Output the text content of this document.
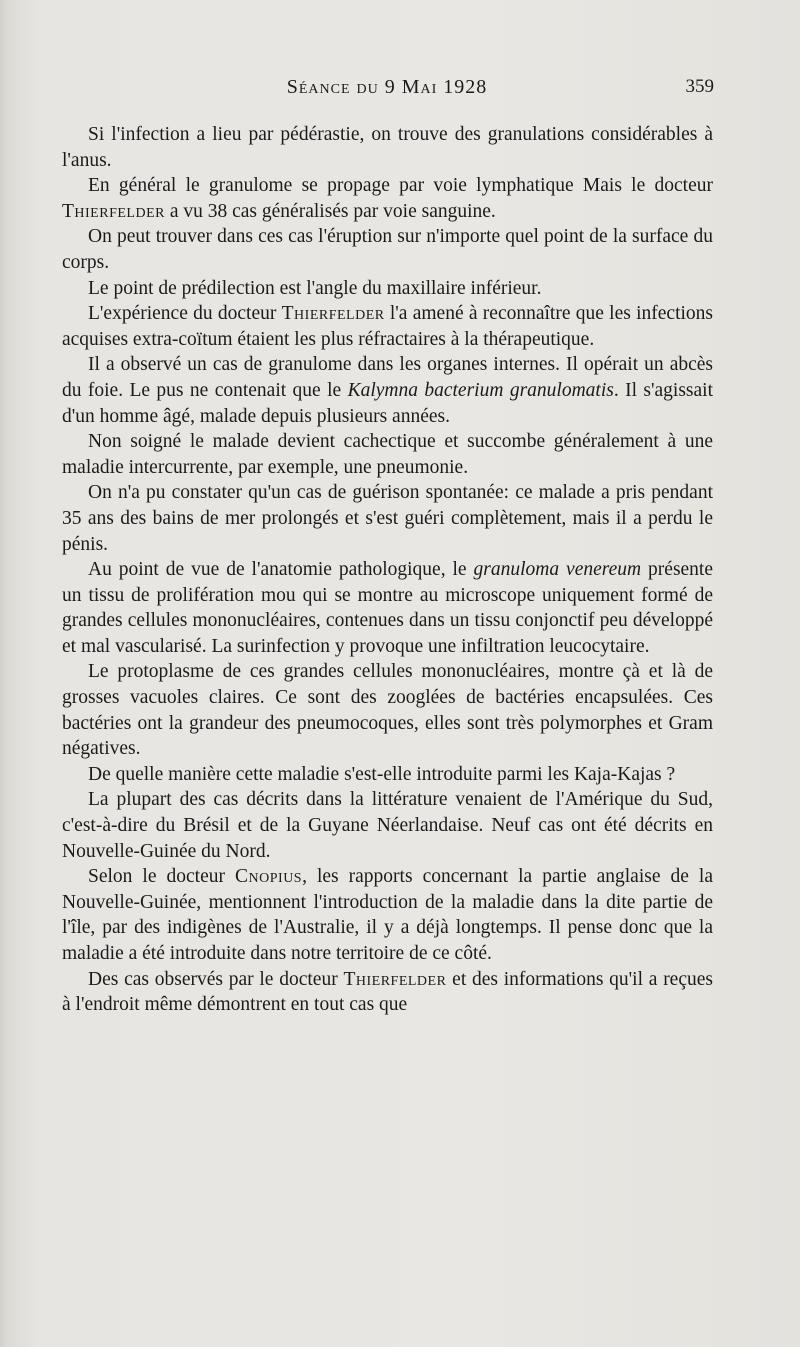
Séance du 9 Mai 1928	359

Si l'infection a lieu par pédérastie, on trouve des granulations considérables à l'anus.

En général le granulome se propage par voie lymphatique Mais le docteur Thierfelder a vu 38 cas généralisés par voie sanguine.

On peut trouver dans ces cas l'éruption sur n'importe quel point de la surface du corps.

Le point de prédilection est l'angle du maxillaire inférieur.

L'expérience du docteur Thierfelder l'a amené à reconnaître que les infections acquises extra-coïtum étaient les plus réfractaires à la thérapeutique.

Il a observé un cas de granulome dans les organes internes. Il opérait un abcès du foie. Le pus ne contenait que le Kalymna bacterium granulomatis. Il s'agissait d'un homme âgé, malade depuis plusieurs années.

Non soigné le malade devient cachectique et succombe généralement à une maladie intercurrente, par exemple, une pneumonie.

On n'a pu constater qu'un cas de guérison spontanée: ce malade a pris pendant 35 ans des bains de mer prolongés et s'est guéri complètement, mais il a perdu le pénis.

Au point de vue de l'anatomie pathologique, le granuloma venereum présente un tissu de prolifération mou qui se montre au microscope uniquement formé de grandes cellules mononucléaires, contenues dans un tissu conjonctif peu développé et mal vascularisé. La surinfection y provoque une infiltration leucocytaire.

Le protoplasme de ces grandes cellules mononucléaires, montre çà et là de grosses vacuoles claires. Ce sont des zooglées de bactéries encapsulées. Ces bactéries ont la grandeur des pneumocoques, elles sont très polymorphes et Gram négatives.

De quelle manière cette maladie s'est-elle introduite parmi les Kaja-Kajas ?

La plupart des cas décrits dans la littérature venaient de l'Amérique du Sud, c'est-à-dire du Brésil et de la Guyane Néerlandaise. Neuf cas ont été décrits en Nouvelle-Guinée du Nord.

Selon le docteur Cnopius, les rapports concernant la partie anglaise de la Nouvelle-Guinée, mentionnent l'introduction de la maladie dans la dite partie de l'île, par des indigènes de l'Australie, il y a déjà longtemps. Il pense donc que la maladie a été introduite dans notre territoire de ce côté.

Des cas observés par le docteur Thierfelder et des informations qu'il a reçues à l'endroit même démontrent en tout cas que
